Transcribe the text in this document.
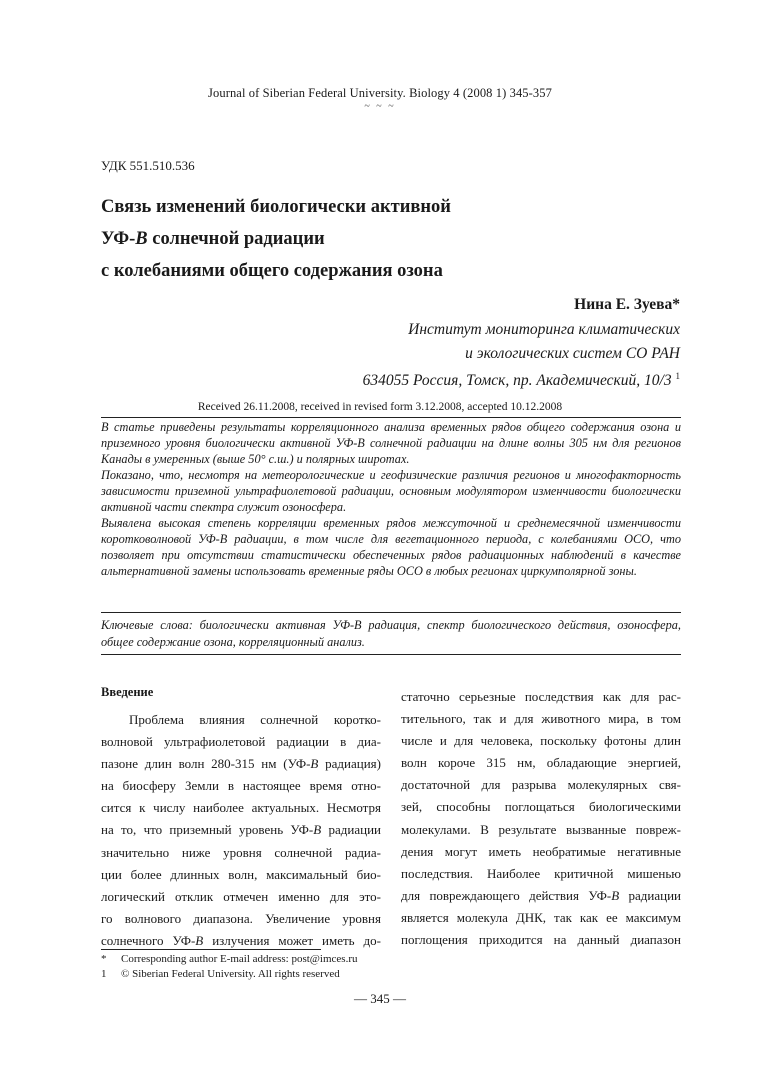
Journal of Siberian Federal University. Biology 4 (2008 1) 345-357
~ ~ ~
УДК 551.510.536
Связь изменений биологически активной
УФ-B солнечной радиации
с колебаниями общего содержания озона
Нина Е. Зуева*
Институт мониторинга климатических
и экологических систем СО РАН
634055 Россия, Томск, пр. Академический, 10/3 $^1$
Received 26.11.2008, received in revised form 3.12.2008, accepted 10.12.2008

В статье приведены результаты корреляционного анализа временных рядов общего содержания озона и приземного уровня биологически активной УФ-B солнечной радиации на длине волны 305 нм для регионов Канады в умеренных (выше 50° с.ш.) и полярных широтах.

Показано, что, несмотря на метеорологические и геофизические различия регионов и многофакторность зависимости приземной ультрафиолетовой радиации, основным модулятором изменчивости биологически активной части спектра служит озоносфера.

Выявлена высокая степень корреляции временных рядов межсуточной и среднемесячной изменчивости коротковолновой УФ-B радиации, в том числе для вегетационного периода, с колебаниями ОСО, что позволяет при отсутствии статистически обеспеченных рядов радиационных наблюдений в качестве альтернативной замены использовать временные ряды ОСО в любых регионах циркумполярной зоны.

Ключевые слова: биологически активная УФ-B радиация, спектр биологического действия, озоносфера, общее содержание озона, корреляционный анализ.
Введение
Проблема влияния солнечной коротко-
волновой ультрафиолетовой радиации в диа-
пазоне длин волн 280-315 нм (УФ-B радиация)
на биосферу Земли в настоящее время отно-
сится к числу наиболее актуальных. Несмотря
на то, что приземный уровень УФ-B радиации
значительно ниже уровня солнечной радиа-
ции более длинных волн, максимальный био-
логический отклик отмечен именно для это-
го волнового диапазона. Увеличение уровня
солнечного УФ-B излучения может иметь до-
статочно серьезные последствия как для рас-
тительного, так и для животного мира, в том
числе и для человека, поскольку фотоны длин
волн короче 315 нм, обладающие энергией,
достаточной для разрыва молекулярных свя-
зей, способны поглощаться биологическими
молекулами. В результате вызванные повреж-
дения могут иметь необратимые негативные
последствия. Наиболее критичной мишенью
для повреждающего действия УФ-B радиации
является молекула ДНК, так как ее максимум
поглощения приходится на данный диапазон
*	Corresponding author E-mail address: post@imces.ru
1	© Siberian Federal University. All rights reserved
— 345 —
